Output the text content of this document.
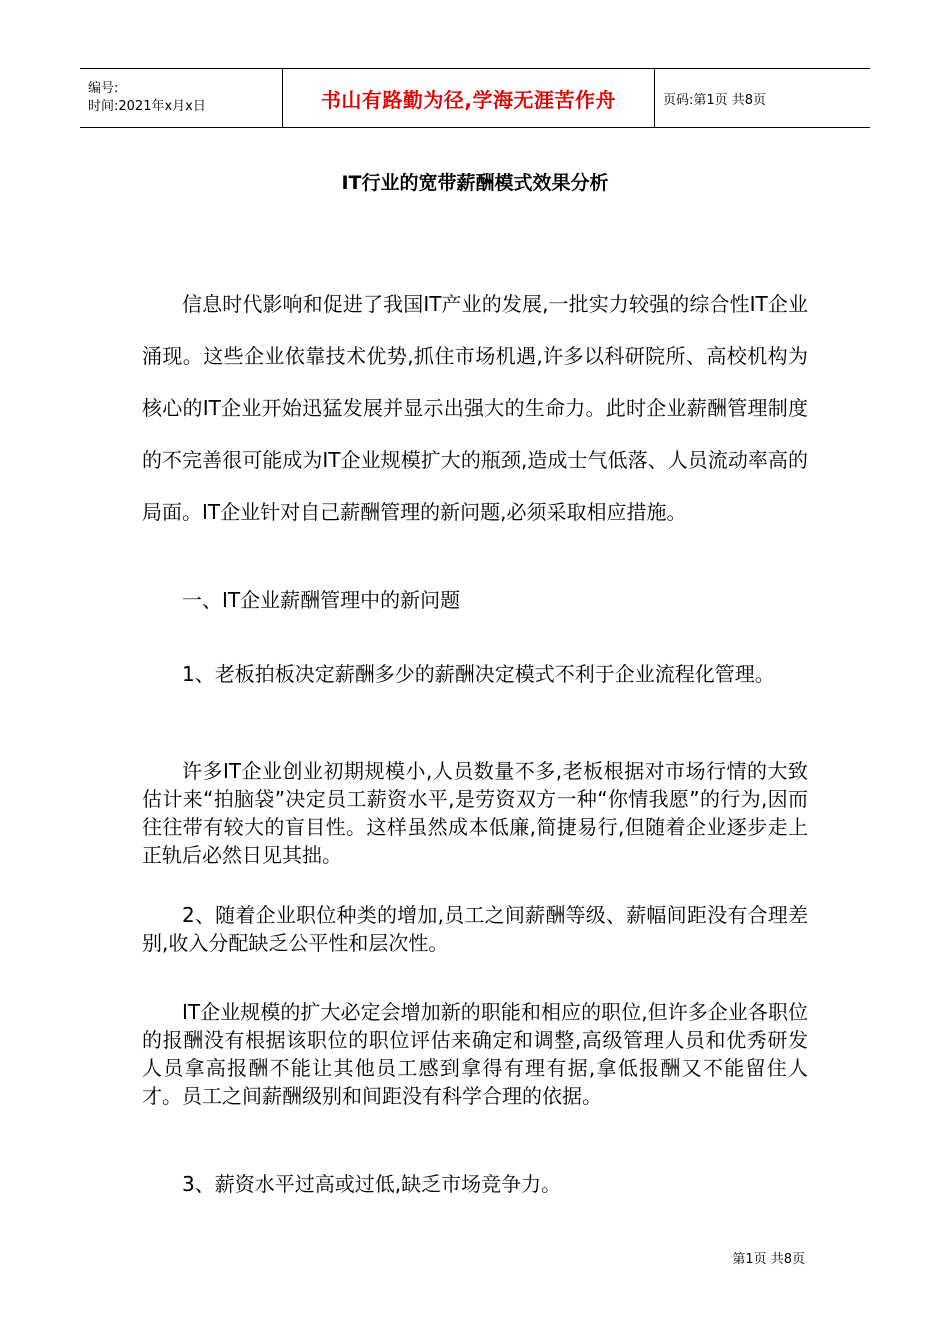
编号:
时间:2021年x月x日	书山有路勤为径,学海无涯苦作舟	页码:第1页 共8页
IT行业的宽带薪酬模式效果分析

信息时代影响和促进了我国IT产业的发展,一批实力较强的综合性IT企业涌现。这些企业依靠技术优势,抓住市场机遇,许多以科研院所、高校机构为核心的IT企业开始迅猛发展并显示出强大的生命力。此时企业薪酬管理制度的不完善很可能成为IT企业规模扩大的瓶颈,造成士气低落、人员流动率高的局面。IT企业针对自己薪酬管理的新问题,必须采取相应措施。

一、IT企业薪酬管理中的新问题

1、老板拍板决定薪酬多少的薪酬决定模式不利于企业流程化管理。

许多IT企业创业初期规模小,人员数量不多,老板根据对市场行情的大致估计来“拍脑袋”决定员工薪资水平,是劳资双方一种“你情我愿”的行为,因而往往带有较大的盲目性。这样虽然成本低廉,简捷易行,但随着企业逐步走上正轨后必然日见其拙。

2、随着企业职位种类的增加,员工之间薪酬等级、薪幅间距没有合理差别,收入分配缺乏公平性和层次性。

IT企业规模的扩大必定会增加新的职能和相应的职位,但许多企业各职位的报酬没有根据该职位的职位评估来确定和调整,高级管理人员和优秀研发人员拿高报酬不能让其他员工感到拿得有理有据,拿低报酬又不能留住人才。员工之间薪酬级别和间距没有科学合理的依据。

3、薪资水平过高或过低,缺乏市场竞争力。

第1页 共8页
